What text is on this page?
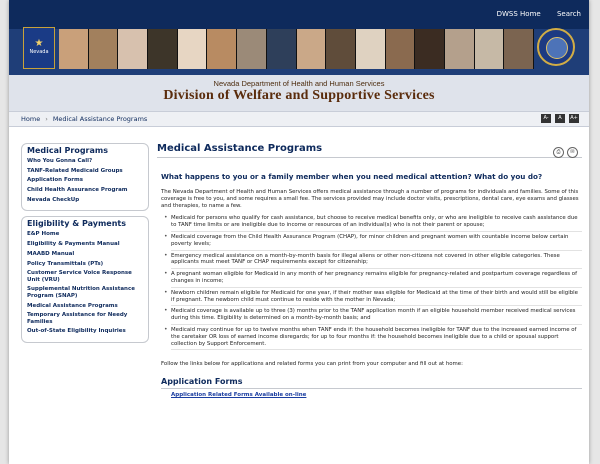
DWSS Home Search
★
Nevada
Nevada Department of Health and Human Services
Division of Welfare and Supportive Services
Home › Medical Assistance Programs	A-	A	A+
Medical Programs
Who You Gonna Call?
TANF-Related Medicaid Groups
Application Forms
Child Health Assurance Program
Nevada CheckUp
Eligibility & Payments
E&P Home
Eligibility & Payments Manual
MAABD Manual
Policy Transmittals (PTs)
Customer Service Voice Response Unit (VRU)
Supplemental Nutrition Assistance Program (SNAP)
Medical Assistance Programs
Temporary Assistance for Needy Families
Out-of-State Eligibility Inquiries
Medical Assistance Programs	⎙	✉
What happens to you or a family member when you need medical attention? What do you do?
The Nevada Department of Health and Human Services offers medical assistance through a number of programs for individuals and families. Some of this coverage is free to you, and some requires a small fee. The services provided may include doctor visits, prescriptions, dental care, eye exams and glasses and therapies, to name a few.
• Medicaid for persons who qualify for cash assistance, but choose to receive medical benefits only, or who are ineligible to receive cash assistance due to TANF time limits or are ineligible due to income or resources of an individual(s) who is not their parent or spouse;
• Medicaid coverage from the Child Health Assurance Program (CHAP), for minor children and pregnant women with countable income below certain poverty levels;
• Emergency medical assistance on a month-by-month basis for illegal aliens or other non-citizens not covered in other eligible categories. These applicants must meet TANF or CHAP requirements except for citizenship;
• A pregnant woman eligible for Medicaid in any month of her pregnancy remains eligible for pregnancy-related and postpartum coverage regardless of changes in income;
• Newborn children remain eligible for Medicaid for one year, if their mother was eligible for Medicaid at the time of their birth and would still be eligible if pregnant. The newborn child must continue to reside with the mother in Nevada;
• Medicaid coverage is available up to three (3) months prior to the TANF application month if an eligible household member received medical services during this time. Eligibility is determined on a month-by-month basis; and
• Medicaid may continue for up to twelve months when TANF ends if: the household becomes ineligible for TANF due to the increased earned income of the caretaker OR loss of earned income disregards; for up to four months if: the household becomes ineligible due to a child or spousal support collection by Support Enforcement.
Follow the links below for applications and related forms you can print from your computer and fill out at home:
Application Forms
Application Related Forms Available on-line
